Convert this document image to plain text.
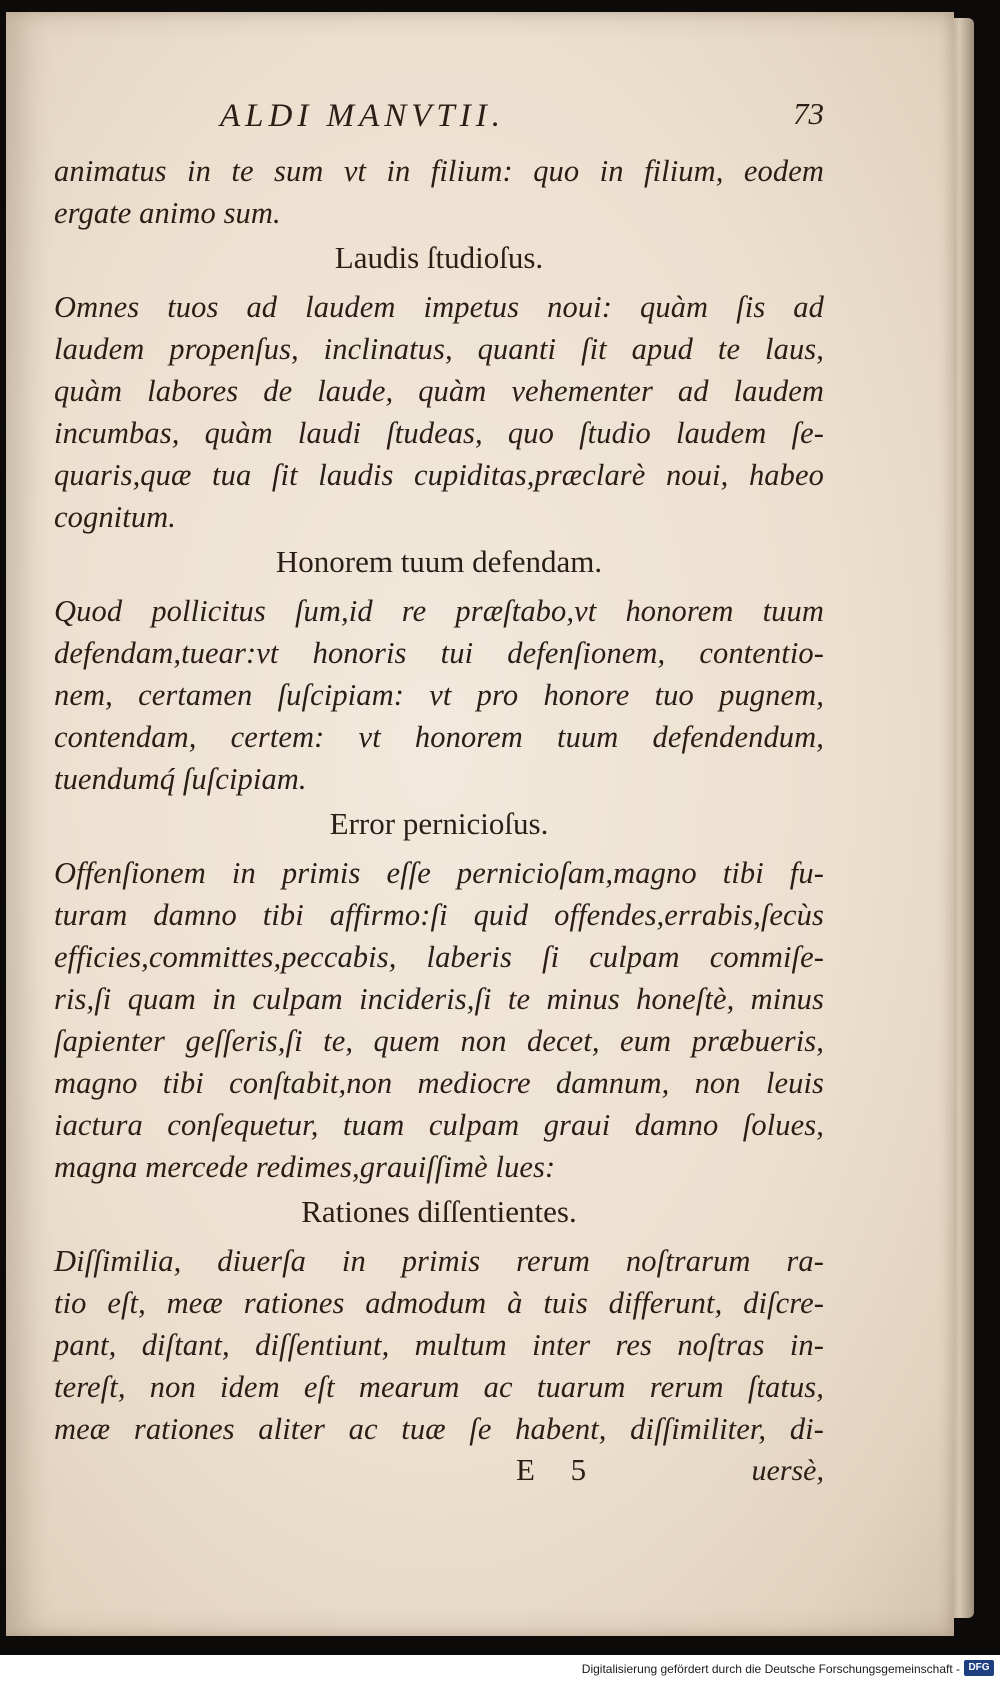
ALDI MANVTII.	73

animatus in te sum vt in filium: quo in filium, eodem
ergate animo sum.

Laudis ſtudioſus.

Omnes tuos ad laudem impetus noui: quàm ſis ad
laudem propenſus, inclinatus, quanti ſit apud te laus,
quàm labores de laude, quàm vehementer ad laudem
incumbas, quàm laudi ſtudeas, quo ſtudio laudem ſe-
quaris,quæ tua ſit laudis cupiditas,præclarè noui, habeo
cognitum.

Honorem tuum defendam.

Quod pollicitus ſum,id re præſtabo,vt honorem tuum
defendam,tuear:vt honoris tui defenſionem, contentio-
nem, certamen ſuſcipiam: vt pro honore tuo pugnem,
contendam, certem: vt honorem tuum defendendum,
tuendumq́ ſuſcipiam.

Error pernicioſus.

Offenſionem in primis eſſe pernicioſam,magno tibi fu-
turam damno tibi affirmo:ſi quid offendes,errabis,ſecùs
efficies,committes,peccabis, laberis ſi culpam commiſe-
ris,ſi quam in culpam incideris,ſi te minus honeſtè, minus
ſapienter geſſeris,ſi te, quem non decet, eum præbueris,
magno tibi conſtabit,non mediocre damnum, non leuis
iactura conſequetur, tuam culpam graui damno ſolues,
magna mercede redimes,grauiſſimè lues:

Rationes diſſentientes.

Diſſimilia, diuerſa in primis rerum noſtrarum ra-
tio eſt, meæ rationes admodum à tuis differunt, diſcre-
pant, diſtant, diſſentiunt, multum inter res noſtras in-
tereſt, non idem eſt mearum ac tuarum rerum ſtatus,
meæ rationes aliter ac tuæ ſe habent, diſſimiliter, di-

E 5	uersè,
Digitalisierung gefördert durch die Deutsche Forschungsgemeinschaft - DFG
